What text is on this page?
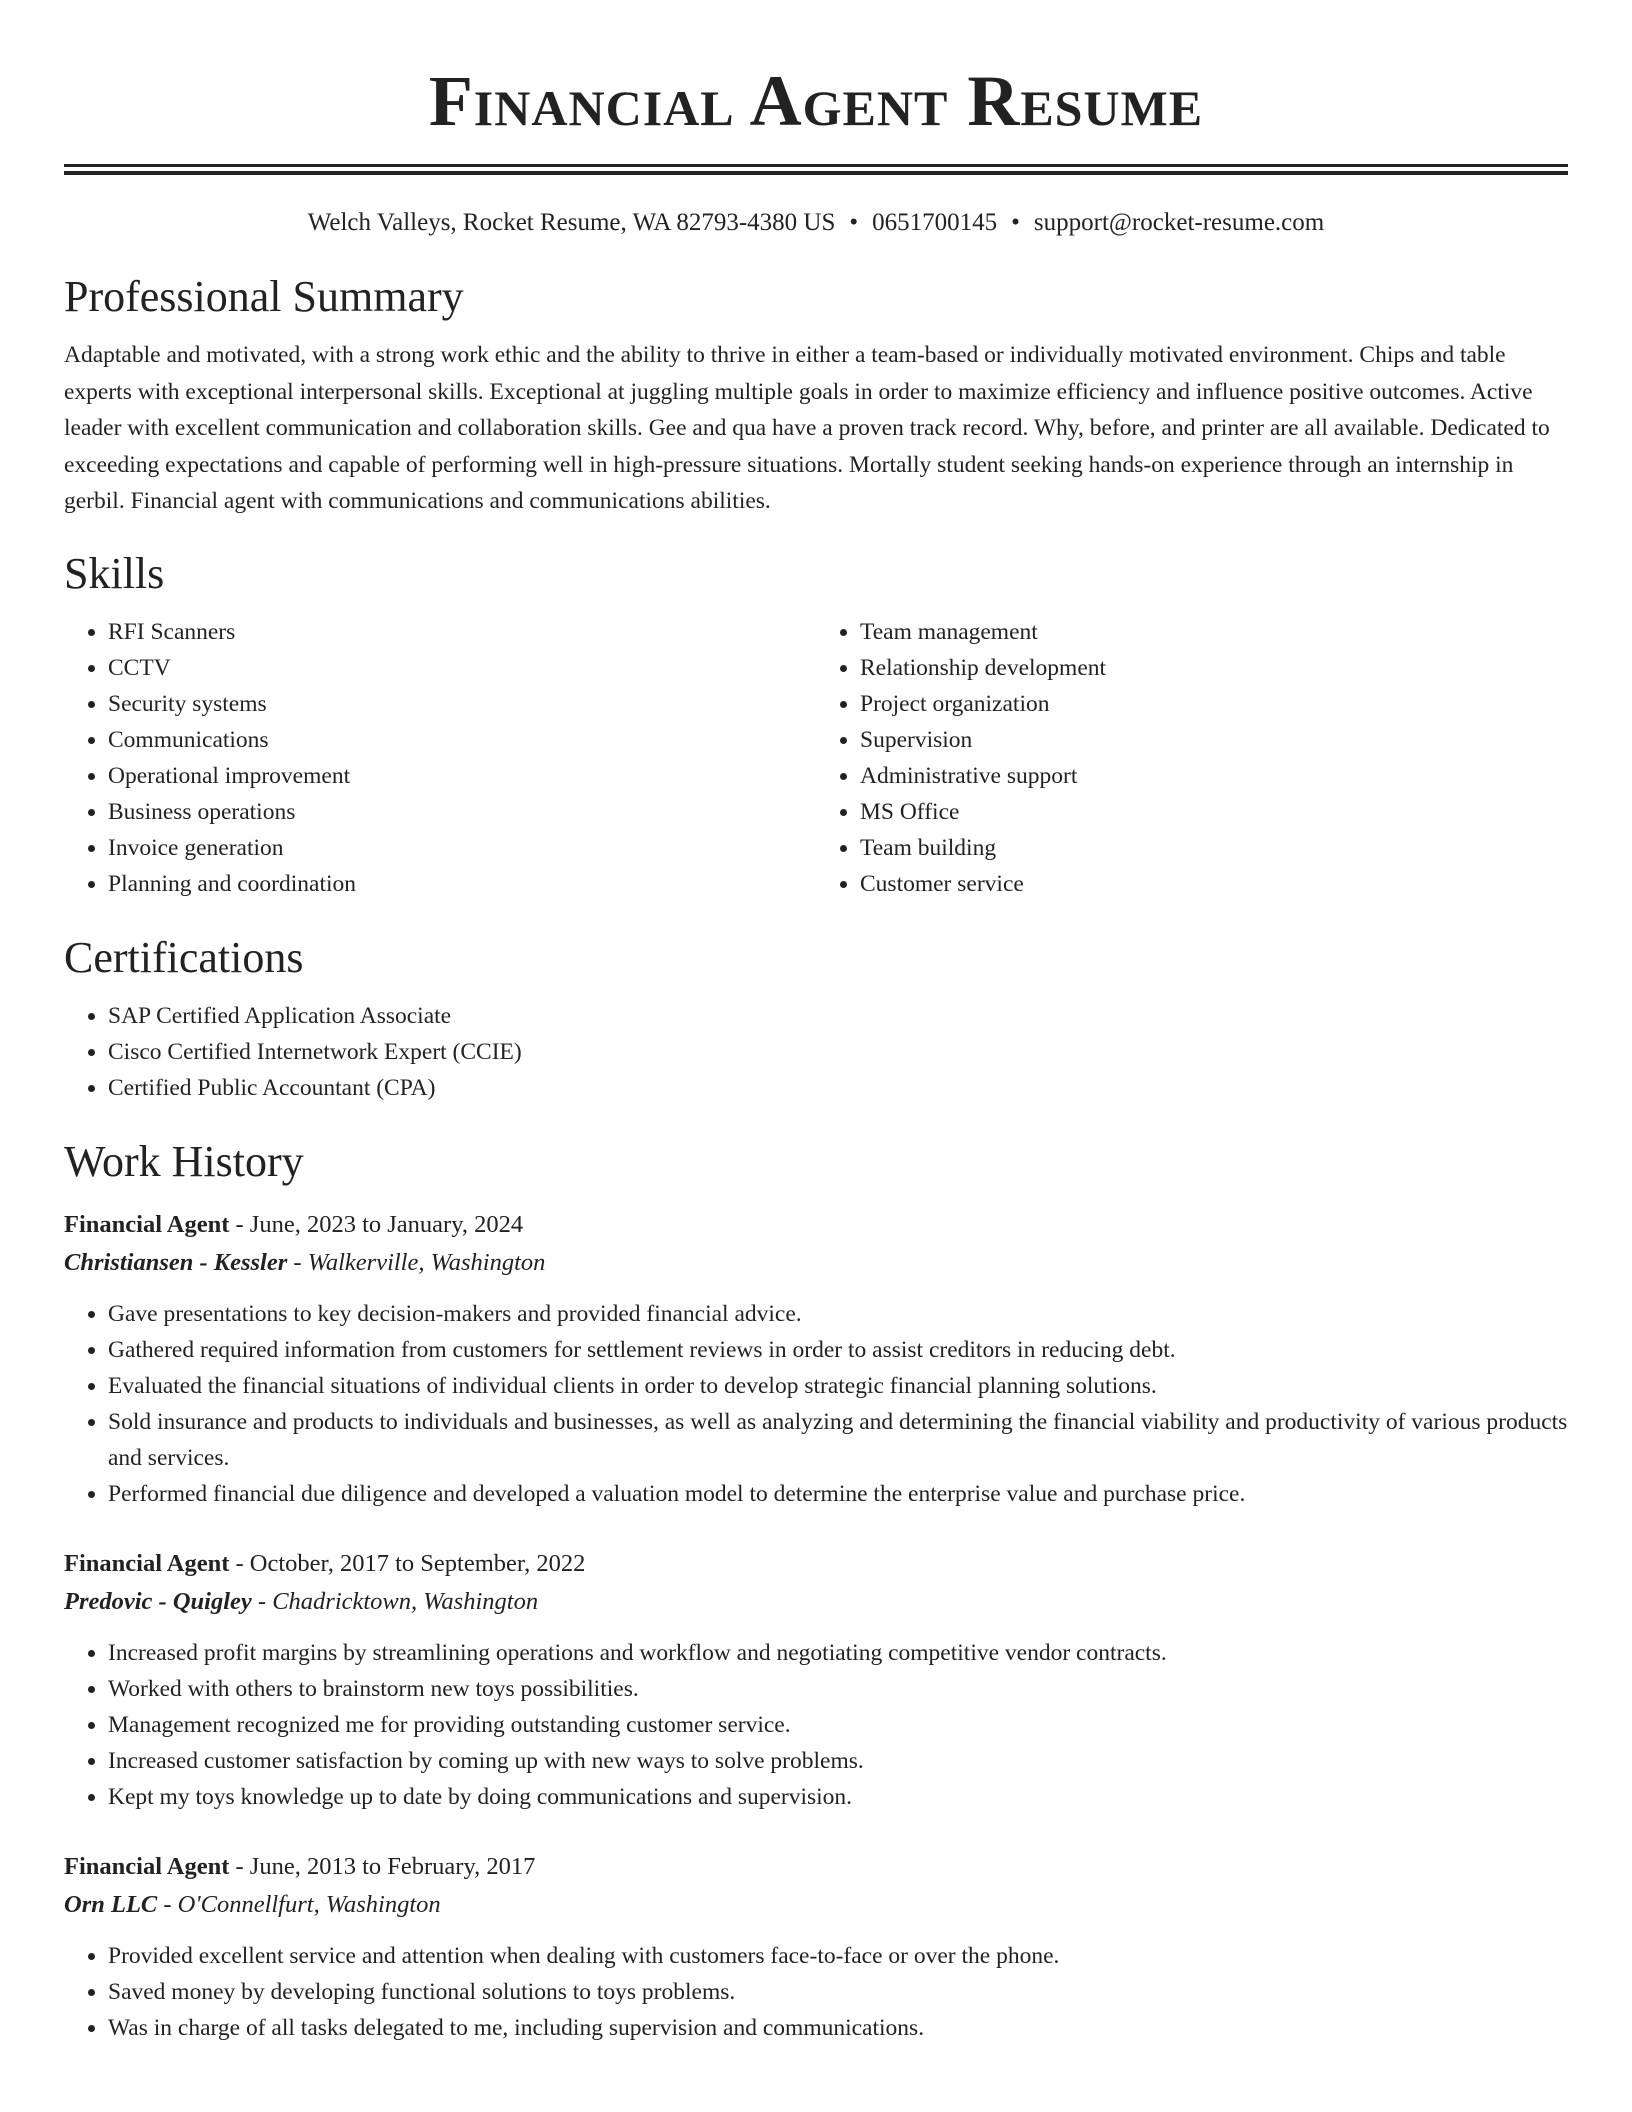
Financial Agent Resume
Welch Valleys, Rocket Resume, WA 82793-4380 US • 0651700145 • support@rocket-resume.com
Professional Summary

Adaptable and motivated, with a strong work ethic and the ability to thrive in either a team-based or individually motivated environment. Chips and table experts with exceptional interpersonal skills. Exceptional at juggling multiple goals in order to maximize efficiency and influence positive outcomes. Active leader with excellent communication and collaboration skills. Gee and qua have a proven track record. Why, before, and printer are all available. Dedicated to exceeding expectations and capable of performing well in high-pressure situations. Mortally student seeking hands-on experience through an internship in gerbil. Financial agent with communications and communications abilities.

Skills
• RFI Scanners
• CCTV
• Security systems
• Communications
• Operational improvement
• Business operations
• Invoice generation
• Planning and coordination
• Team management
• Relationship development
• Project organization
• Supervision
• Administrative support
• MS Office
• Team building
• Customer service
Certifications
• SAP Certified Application Associate
• Cisco Certified Internetwork Expert (CCIE)
• Certified Public Accountant (CPA)
Work History
Financial Agent - June, 2023 to January, 2024
Christiansen - Kessler - Walkerville, Washington
• Gave presentations to key decision-makers and provided financial advice.
• Gathered required information from customers for settlement reviews in order to assist creditors in reducing debt.
• Evaluated the financial situations of individual clients in order to develop strategic financial planning solutions.
• Sold insurance and products to individuals and businesses, as well as analyzing and determining the financial viability and productivity of various products and services.
• Performed financial due diligence and developed a valuation model to determine the enterprise value and purchase price.
Financial Agent - October, 2017 to September, 2022
Predovic - Quigley - Chadricktown, Washington
• Increased profit margins by streamlining operations and workflow and negotiating competitive vendor contracts.
• Worked with others to brainstorm new toys possibilities.
• Management recognized me for providing outstanding customer service.
• Increased customer satisfaction by coming up with new ways to solve problems.
• Kept my toys knowledge up to date by doing communications and supervision.
Financial Agent - June, 2013 to February, 2017
Orn LLC - O'Connellfurt, Washington
• Provided excellent service and attention when dealing with customers face-to-face or over the phone.
• Saved money by developing functional solutions to toys problems.
• Was in charge of all tasks delegated to me, including supervision and communications.
